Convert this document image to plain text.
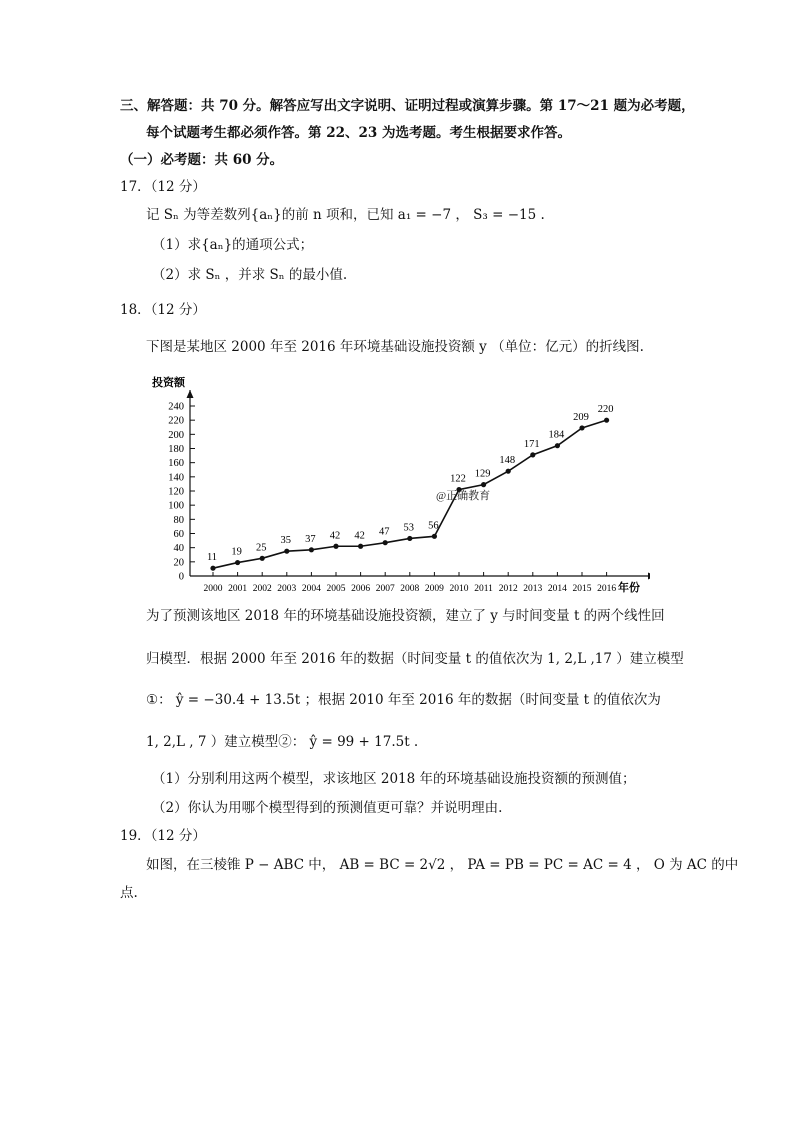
三、解答题：共 70 分。解答应写出文字说明、证明过程或演算步骤。第 17～21 题为必考题，
每个试题考生都必须作答。第 22、23 为选考题。考生根据要求作答。
（一）必考题：共 60 分。
17．（12 分）
记 Sₙ 为等差数列{aₙ}的前 n 项和，已知 a₁ = −7 ， S₃ = −15 .
（1）求{aₙ}的通项公式；
（2）求 Sₙ ，并求 Sₙ 的最小值.
18．（12 分）
下图是某地区 2000 年至 2016 年环境基础设施投资额 y （单位：亿元）的折线图.
0
20
40
60
80
100
120
140
160
180
200
220
240
2000 2001 2002 2003 2004 2005 2006 2007 2008 2009 2010 2011 2012 2013 2014 2015 2016
11
19 25
35 37 42 42 47 53 56
122 129
148
171
184
209
220
投资额
年份
@正确教育
为了预测该地区 2018 年的环境基础设施投资额，建立了 y 与时间变量 t 的两个线性回
归模型．根据 2000 年至 2016 年的数据（时间变量 t 的值依次为 1, 2,L ,17 ）建立模型
①： ŷ = −30.4 + 13.5t ；根据 2010 年至 2016 年的数据（时间变量 t 的值依次为
1, 2,L , 7 ）建立模型②： ŷ = 99 + 17.5t .
（1）分别利用这两个模型，求该地区 2018 年的环境基础设施投资额的预测值；
（2）你认为用哪个模型得到的预测值更可靠？并说明理由.
19．（12 分）
如图，在三棱锥 P − ABC 中， AB = BC = 2√2 ， PA = PB = PC = AC = 4 ， O 为 AC 的中
点.
